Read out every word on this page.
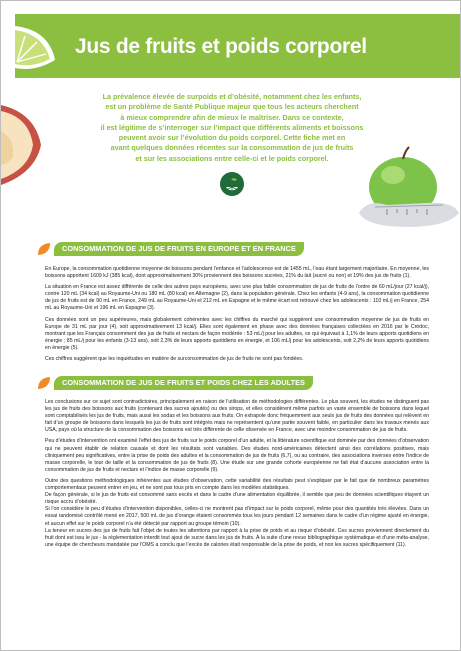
Jus de fruits et poids corporel

La prévalence élevée de surpoids et d’obésité, notamment chez les enfants,

est un problème de Santé Publique majeur que tous les acteurs cherchent

à mieux comprendre afin de mieux le maîtriser. Dans ce contexte,

il est légitime de s’interroger sur l’impact que différents aliments et boissons

peuvent avoir sur l’évolution du poids corporel. Cette fiche met en

avant quelques données récentes sur la consommation de jus de fruits

et sur les associations entre celle-ci et le poids corporel.

CONSOMMATION DE JUS DE FRUITS EN EUROPE ET EN FRANCE

En Europe, la consommation quotidienne moyenne de boissons pendant l’enfance et l’adolescence est de 1455 mL, l’eau étant largement majoritaire. En moyenne, les boissons apportent 1609 kJ (385 kcal), dont approximativement 30% proviennent des boissons sucrées, 21% du lait (sucré ou non) et 19% des jus de fruits (1).

La situation en France est assez différente de celle des autres pays européens, avec une plus faible consommation de jus de fruits de l’ordre de 60 mL/jour (27 kcal/j), contre 120 mL (34 kcal) au Royaume-Uni ou 180 mL (80 kcal) en Allemagne (2), dans la population générale. Chez les enfants (4-9 ans), la consommation quotidienne de jus de fruits est de 90 mL en France, 249 mL au Royaume-Uni et 212 mL en Espagne et le même écart est retrouvé chez les adolescents : 110 mL/j en France, 254 mL au Royaume-Uni et 196 mL en Espagne (3).

Ces données sont un peu supérieures, mais globalement cohérentes avec les chiffres du marché qui suggèrent une consommation moyenne de jus de fruits en Europe de 31 mL par jour (4), soit approximativement 13 kcal/j. Elles sont également en phase avec des données françaises collectées en 2016 par le Crédoc, montrant que les Français consomment des jus de fruits et nectars de façon modérée : 53 mL/j pour les adultes, ce qui équivaut à 1,1% de leurs apports quotidiens en énergie ; 85 mL/j pour les enfants (3-13 ans), soit 2,3% de leurs apports quotidiens en énergie, et 106 mL/j pour les adolescents, soit 2,2% de leurs apports quotidiens en énergie (5).

Ces chiffres suggèrent que les inquiétudes en matière de surconsommation de jus de fruits ne sont pas fondées.

CONSOMMATION DE JUS DE FRUITS ET POIDS CHEZ LES ADULTES

Les conclusions sur ce sujet sont contradictoires, principalement en raison de l’utilisation de méthodologies différentes. Le plus souvent, les études ne distinguent pas les jus de fruits des boissons aux fruits (contenant des sucres ajoutés) ou des sirops, et elles considèrent même parfois un vaste ensemble de boissons dans lequel sont comptabilisés les jus de fruits, mais aussi les sodas et les boissons aux fruits. On extrapole donc fréquemment aux seuls jus de fruits des données qui relèvent en fait d’un groupe de boissons dans lesquels les jus de fruits sont intégrés mais ne représentent qu’une partie souvent faible, en particulier dans les travaux menés aux USA, pays où la structure de la consommation des boissons est très différente de celle observée en France, avec une moindre consommation de jus de fruits.

Peu d’études d’intervention ont examiné l’effet des jus de fruits sur le poids corporel d’un adulte, et la littérature scientifique est dominée par des données d’observation qui ne peuvent établir de relation causale et dont les résultats sont variables. Des études nord-américaines détectent ainsi des corrélations positives, mais cliniquement peu significatives, entre la prise de poids des adultes et la consommation de jus de fruits (6,7), ou au contraire, des associations inverses entre l’indice de masse corporelle, le tour de taille et la consommation de jus de fruits (8). Une étude sur une grande cohorte européenne ne fait état d’aucune association entre la consommation de jus de fruits et nectars et l’indice de masse corporelle (9).

Outre des questions méthodologiques inhérentes aux études d’observation, cette variabilité des résultats peut s’expliquer par le fait que de nombreux paramètres comportementaux peuvent entrer en jeu, et ne sont pas tous pris en compte dans les modèles statistiques.

De façon générale, si le jus de fruits est consommé sans excès et dans le cadre d’une alimentation équilibrée, il semble que peu de données scientifiques étayent un risque accru d’obésité.

Si l’on considère le peu d’études d’intervention disponibles, celles-ci ne montrent pas d’impact sur le poids corporel, même pour des quantités très élevées. Dans un essai randomisé contrôlé mené en 2017, 500 mL de jus d’orange étaient consommés tous les jours pendant 12 semaines dans le cadre d’un régime ajusté en énergie, et aucun effet sur le poids corporel n’a été détecté par rapport au groupe témoin (10).

La teneur en sucres des jus de fruits fait l’objet de toutes les attentions par rapport à la prise de poids et au risque d’obésité. Ces sucres proviennent directement du fruit dont est issu le jus - la réglementation interdit tout ajout de sucre dans les jus de fruits. À la suite d’une revue bibliographique systématique et d’une méta-analyse, une équipe de chercheurs mandatée par l’OMS a conclu que l’excès de calories était responsable de la prise de poids, et non les sucres spécifiquement (11).
